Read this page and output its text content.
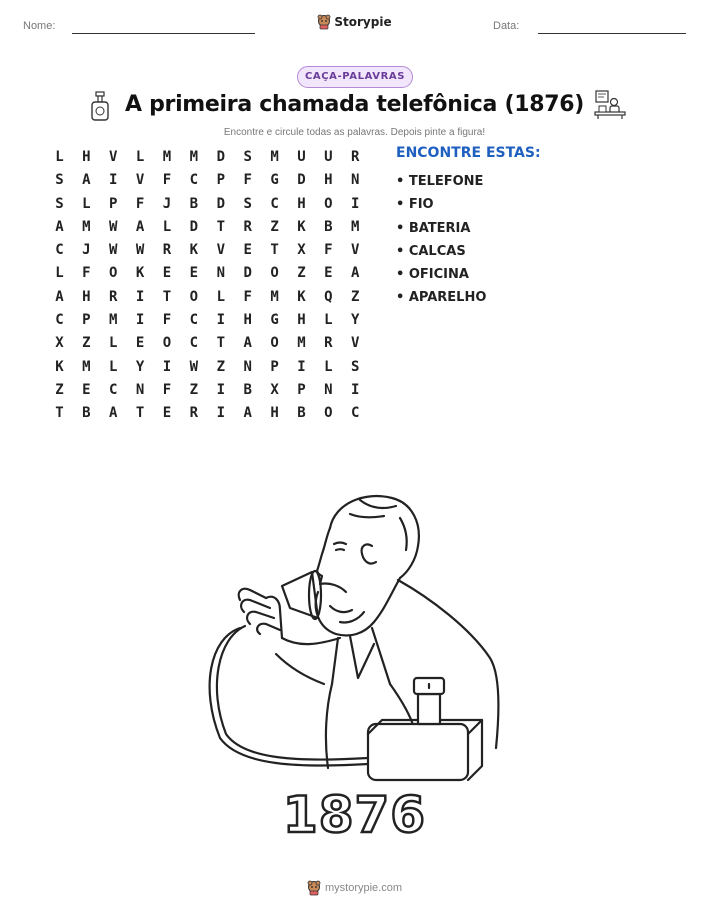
Nome:	Data:
Storypie
CAÇA-PALAVRAS
A primeira chamada telefônica (1876)
Encontre e circule todas as palavras. Depois pinte a figura!
L	H	V	L	M	M	D	S	M	U	U	R
S	A	I	V	F	C	P	F	G	D	H	N
S	L	P	F	J	B	D	S	C	H	O	I
A	M	W	A	L	D	T	R	Z	K	B	M
C	J	W	W	R	K	V	E	T	X	F	V
L	F	O	K	E	E	N	D	O	Z	E	A
A	H	R	I	T	O	L	F	M	K	Q	Z
C	P	M	I	F	C	I	H	G	H	L	Y
X	Z	L	E	O	C	T	A	O	M	R	V
K	M	L	Y	I	W	Z	N	P	I	L	S
Z	E	C	N	F	Z	I	B	X	P	N	I
T	B	A	T	E	R	I	A	H	B	O	C
ENCONTRE ESTAS:
• TELEFONE
• FIO
• BATERIA
• CALCAS
• OFICINA
• APARELHO
1876
mystorypie.com
